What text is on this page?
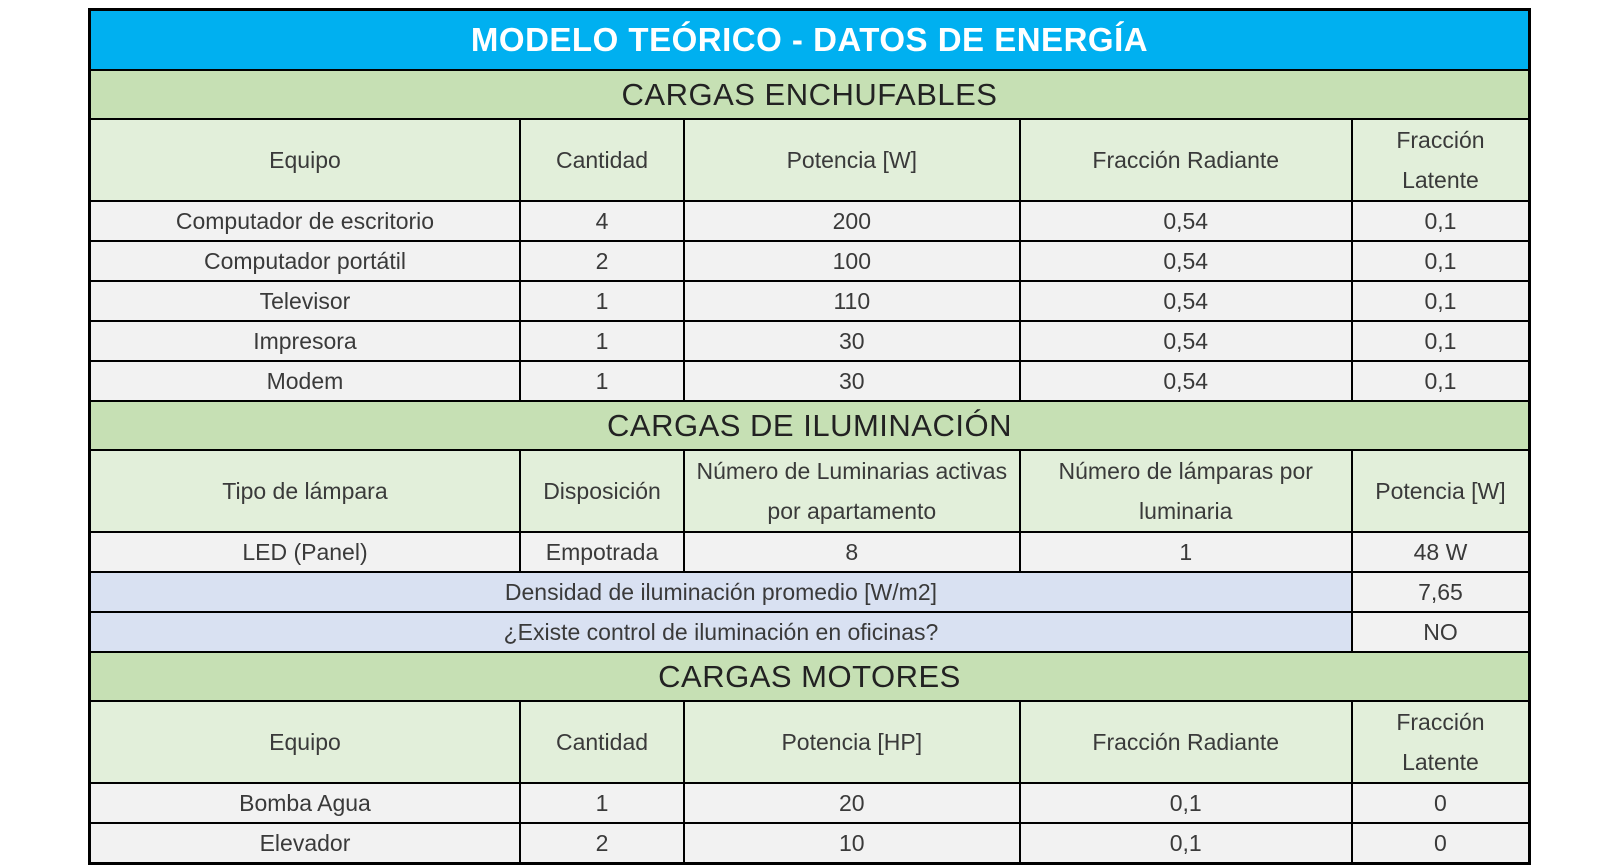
MODELO TEÓRICO - DATOS DE ENERGÍA				
CARGAS ENCHUFABLES				
Equipo	Cantidad	Potencia [W]	Fracción Radiante	Fracción Latente
Computador de escritorio	4	200	0,54	0,1
Computador portátil	2	100	0,54	0,1
Televisor	1	110	0,54	0,1
Impresora	1	30	0,54	0,1
Modem	1	30	0,54	0,1
CARGAS DE ILUMINACIÓN				
Tipo de lámpara	Disposición	Número de Luminarias activas por apartamento	Número de lámparas por luminaria	Potencia [W]
LED (Panel)	Empotrada	8	1	48 W
Densidad de iluminación promedio [W/m2]				7,65
¿Existe control de iluminación en oficinas?				NO
CARGAS MOTORES				
Equipo	Cantidad	Potencia [HP]	Fracción Radiante	Fracción Latente
Bomba Agua	1	20	0,1	0
Elevador	2	10	0,1	0
